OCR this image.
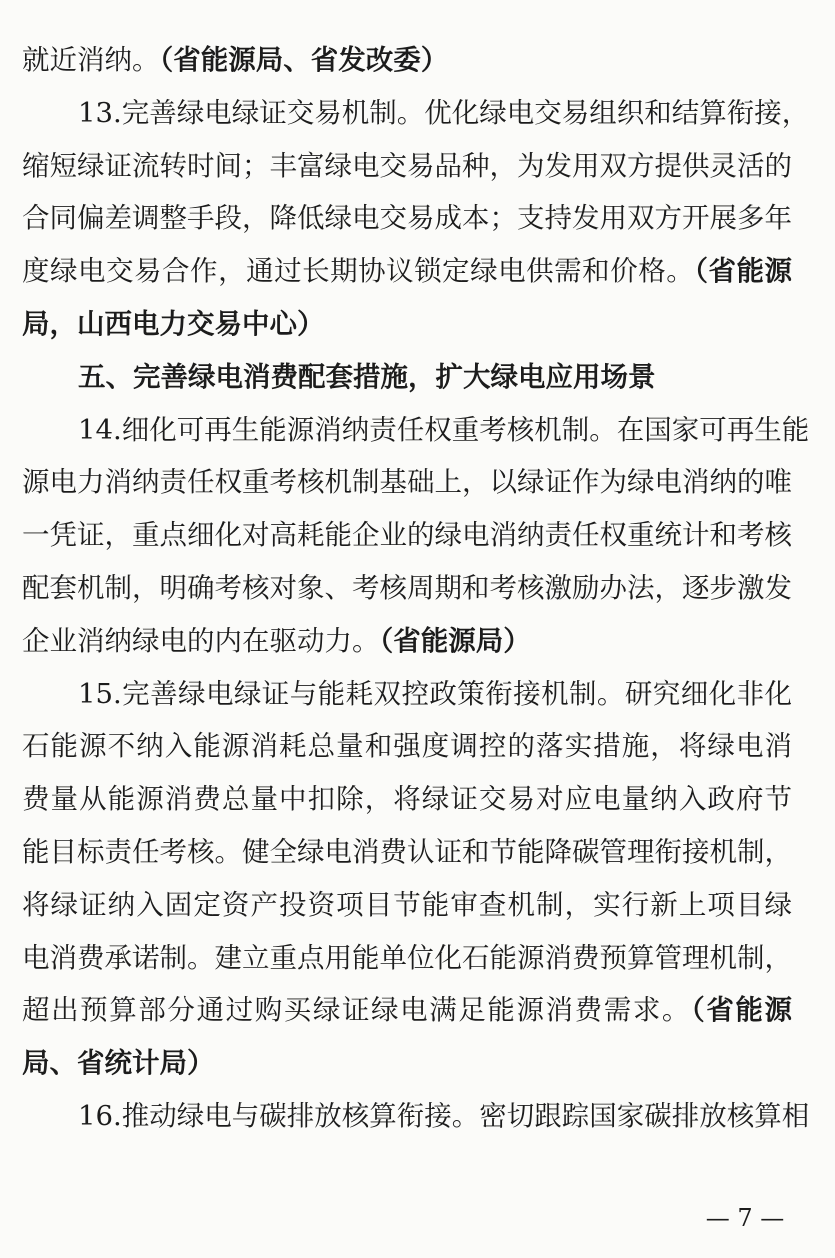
就近消纳。（省能源局、省发改委）
13.完善绿电绿证交易机制。优化绿电交易组织和结算衔接，
缩短绿证流转时间；丰富绿电交易品种，为发用双方提供灵活的
合同偏差调整手段，降低绿电交易成本；支持发用双方开展多年
度绿电交易合作，通过长期协议锁定绿电供需和价格。（省能源
局，山西电力交易中心）
五、完善绿电消费配套措施，扩大绿电应用场景
14.细化可再生能源消纳责任权重考核机制。在国家可再生能
源电力消纳责任权重考核机制基础上，以绿证作为绿电消纳的唯
一凭证，重点细化对高耗能企业的绿电消纳责任权重统计和考核
配套机制，明确考核对象、考核周期和考核激励办法，逐步激发
企业消纳绿电的内在驱动力。（省能源局）
15.完善绿电绿证与能耗双控政策衔接机制。研究细化非化
石能源不纳入能源消耗总量和强度调控的落实措施，将绿电消
费量从能源消费总量中扣除，将绿证交易对应电量纳入政府节
能目标责任考核。健全绿电消费认证和节能降碳管理衔接机制，
将绿证纳入固定资产投资项目节能审查机制，实行新上项目绿
电消费承诺制。建立重点用能单位化石能源消费预算管理机制，
超出预算部分通过购买绿证绿电满足能源消费需求。（省能源
局、省统计局）
16.推动绿电与碳排放核算衔接。密切跟踪国家碳排放核算相
— 7 —
